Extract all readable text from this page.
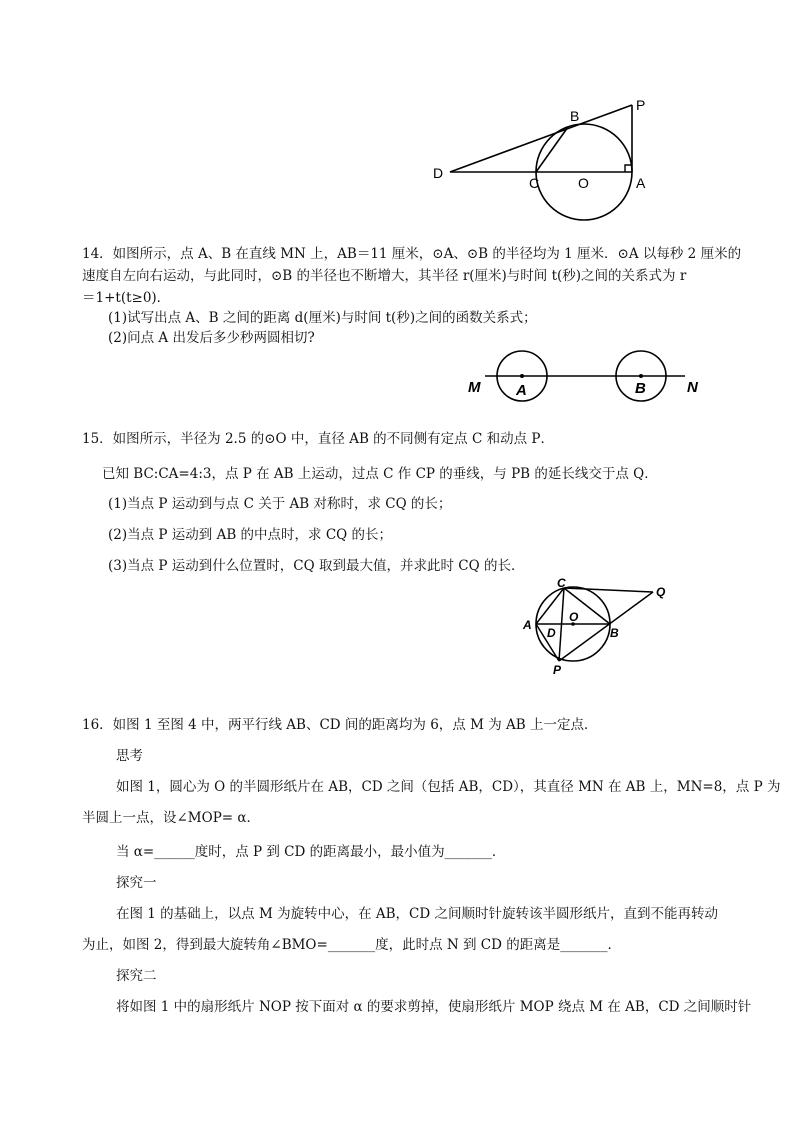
B
P
D
C	O	A
14．如图所示，点 A、B 在直线 MN 上，AB＝11 厘米，⊙A、⊙B 的半径均为 1 厘米．⊙A 以每秒 2 厘米的
速度自左向右运动，与此同时，⊙B 的半径也不断增大，其半径 r(厘米)与时间 t(秒)之间的关系式为 r
＝1+t(t≥0)．
(1)试写出点 A、B 之间的距离 d(厘米)与时间 t(秒)之间的函数关系式；
(2)问点 A 出发后多少秒两圆相切?
M A	B	N
15．如图所示，半径为 2.5 的⊙O 中，直径 AB 的不同侧有定点 C 和动点 P．
已知 BC:CA=4:3，点 P 在 AB 上运动，过点 C 作 CP 的垂线，与 PB 的延长线交于点 Q．
(1)当点 P 运动到与点 C 关于 AB 对称时，求 CQ 的长；
(2)当点 P 运动到 AB 的中点时，求 CQ 的长；
(3)当点 P 运动到什么位置时，CQ 取到最大值，并求此时 CQ 的长．
C
Q
O
A
D	B
P
16．如图 1 至图 4 中，两平行线 AB、CD 间的距离均为 6，点 M 为 AB 上一定点．
思考
如图 1，圆心为 O 的半圆形纸片在 AB，CD 之间（包括 AB，CD），其直径 MN 在 AB 上，MN=8，点 P 为
半圆上一点，设∠MOP= α．
当 α=______度时，点 P 到 CD 的距离最小，最小值为_______．
探究一
在图 1 的基础上，以点 M 为旋转中心，在 AB，CD 之间顺时针旋转该半圆形纸片，直到不能再转动
为止，如图 2，得到最大旋转角∠BMO=_______度，此时点 N 到 CD 的距离是_______．
探究二
将如图 1 中的扇形纸片 NOP 按下面对 α 的要求剪掉，使扇形纸片 MOP 绕点 M 在 AB，CD 之间顺时针
